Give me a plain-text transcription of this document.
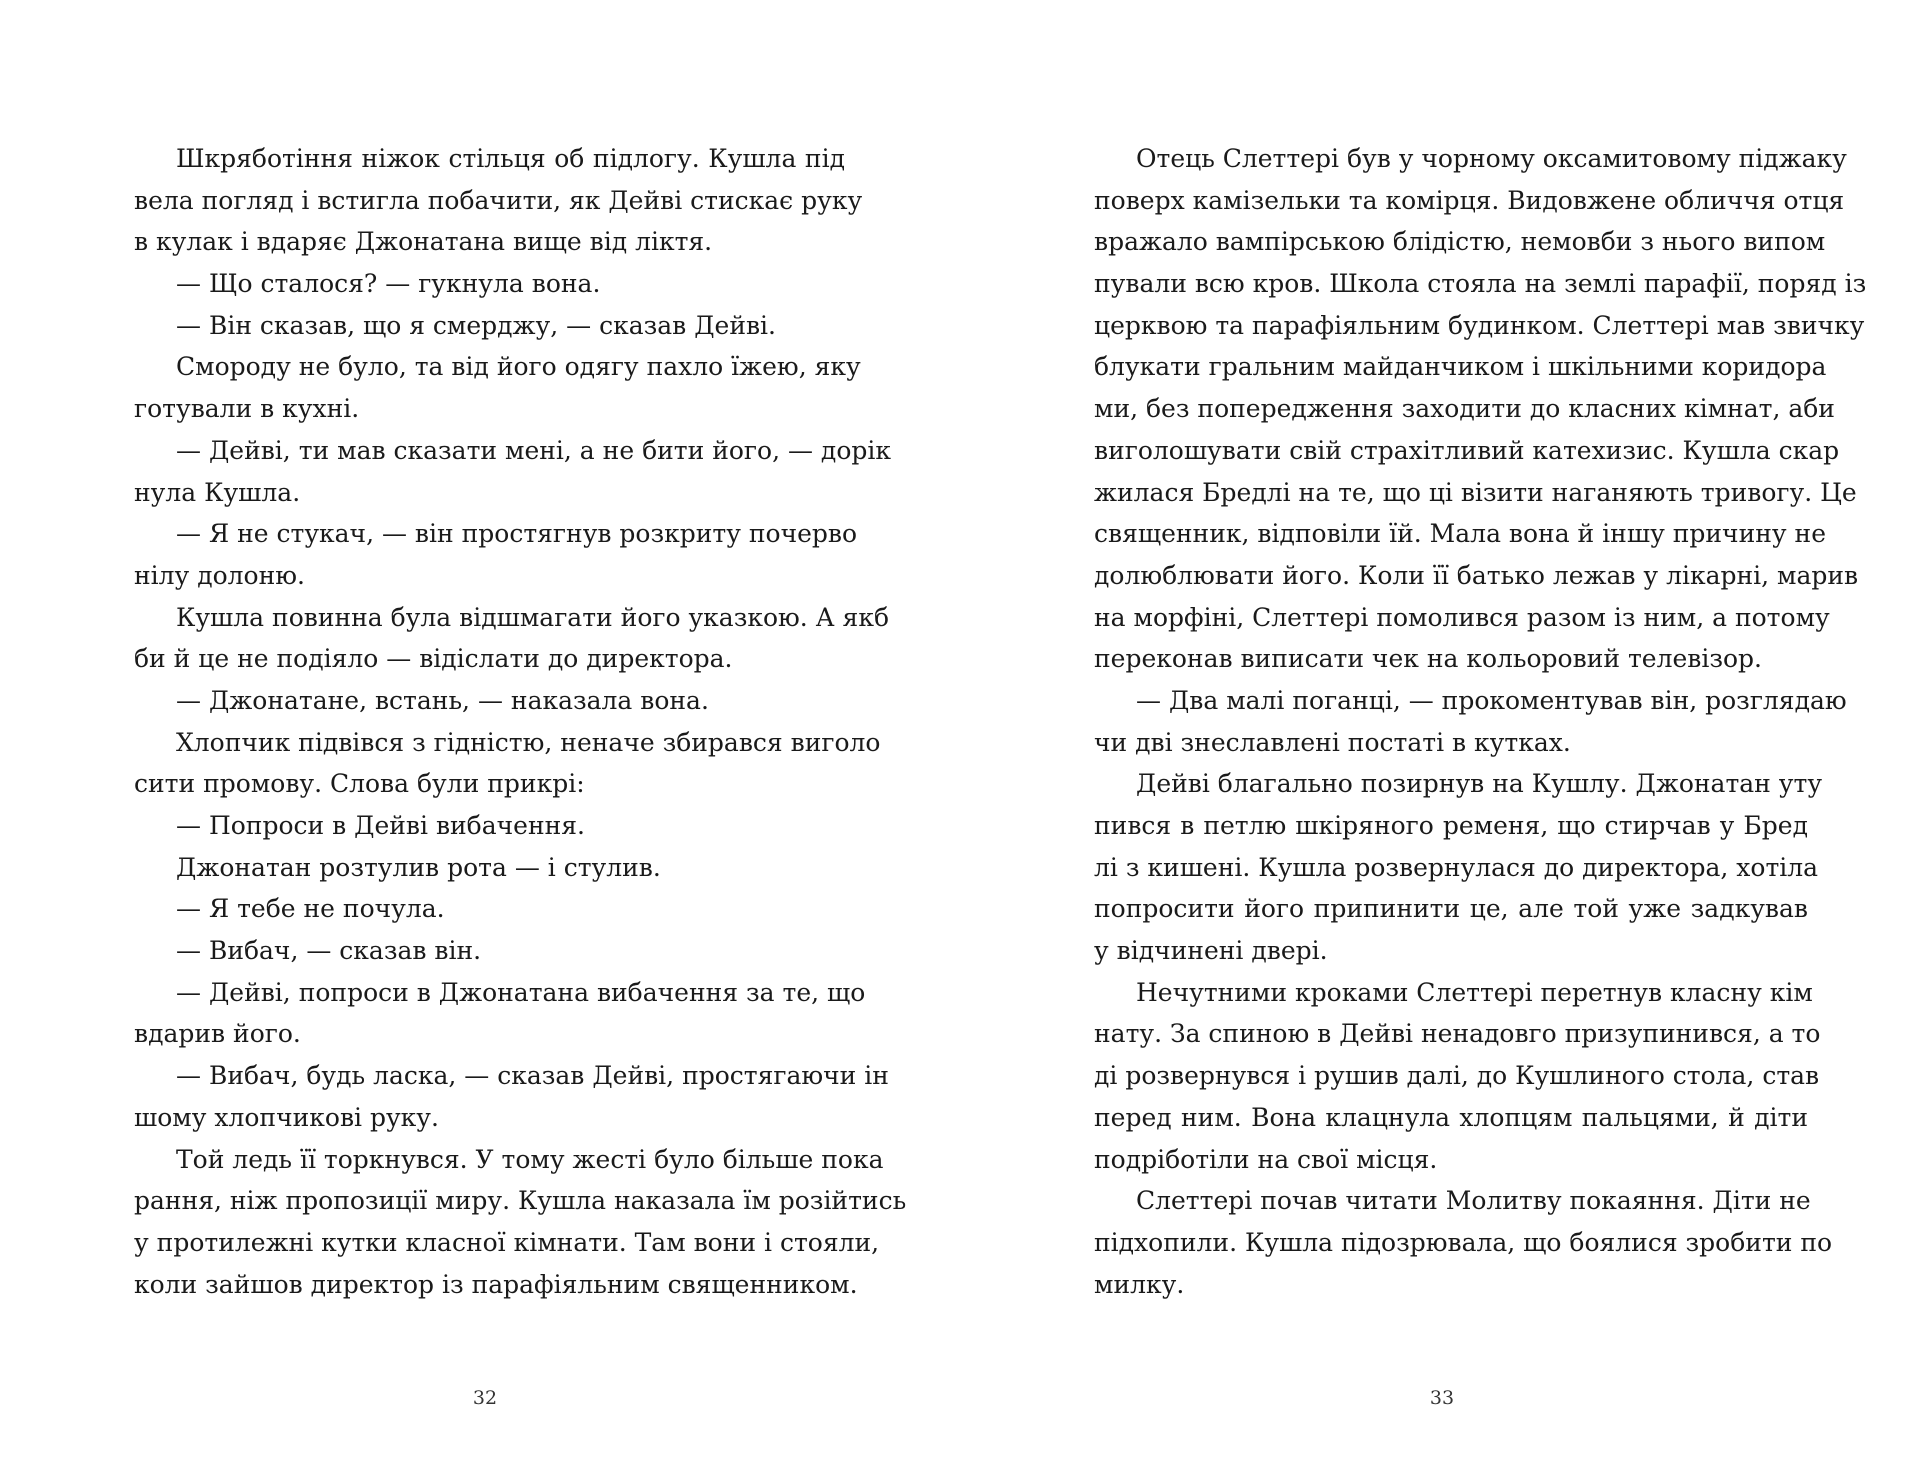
Шкряботіння ніжок стільця об підлогу. Кушла під
вела погляд і встигла побачити, як Дейві стискає руку
в кулак і вдаряє Джонатана вище від ліктя.
— Що сталося? — гукнула вона.
— Він сказав, що я смерджу, — сказав Дейві.
Смороду не було, та від його одягу пахло їжею, яку
готували в кухні.
— Дейві, ти мав сказати мені, а не бити його, — дорік
нула Кушла.
— Я не стукач, — він простягнув розкриту почерво
нілу долоню.
Кушла повинна була відшмагати його указкою. А якб
би й це не подіяло — відіслати до директора.
— Джонатане, встань, — наказала вона.
Хлопчик підвівся з гідністю, неначе збирався виголо
сити промову. Слова були прикрі:
— Попроси в Дейві вибачення.
Джонатан розтулив рота — і стулив.
— Я тебе не почула.
— Вибач, — сказав він.
— Дейві, попроси в Джонатана вибачення за те, що
вдарив його.
— Вибач, будь ласка, — сказав Дейві, простягаючи ін
шому хлопчикові руку.
Той ледь її торкнувся. У тому жесті було більше пока
рання, ніж пропозиції миру. Кушла наказала їм розійтись
у протилежні кутки класної кімнати. Там вони і стояли,
коли зайшов директор із парафіяльним священником.
32
Отець Слеттері був у чорному оксамитовому піджаку
поверх камізельки та комірця. Видовжене обличчя отця
вражало вампірською блідістю, немовби з нього випом
пували всю кров. Школа стояла на землі парафії, поряд із
церквою та парафіяльним будинком. Слеттері мав звичку
блукати гральним майданчиком і шкільними коридора
ми, без попередження заходити до класних кімнат, аби
виголошувати свій страхітливий катехизис. Кушла скар
жилася Бредлі на те, що ці візити наганяють тривогу. Це
священник, відповіли їй. Мала вона й іншу причину не
долюблювати його. Коли її батько лежав у лікарні, марив
на морфіні, Слеттері помолився разом із ним, а потому
переконав виписати чек на кольоровий телевізор.
— Два малі поганці, — прокоментував він, розглядаю
чи дві знеславлені постаті в кутках.
Дейві благально позирнув на Кушлу. Джонатан уту
пився в петлю шкіряного ременя, що стирчав у Бред
лі з кишені. Кушла розвернулася до директора, хотіла
попросити його припинити це, але той уже задкував
у відчинені двері.
Нечутними кроками Слеттері перетнув класну кім
нату. За спиною в Дейві ненадовго призупинився, а то
ді розвернувся і рушив далі, до Кушлиного стола, став
перед ним. Вона клацнула хлопцям пальцями, й діти
подріботіли на свої місця.
Слеттері почав читати Молитву покаяння. Діти не
підхопили. Кушла підозрювала, що боялися зробити по
милку.
33
